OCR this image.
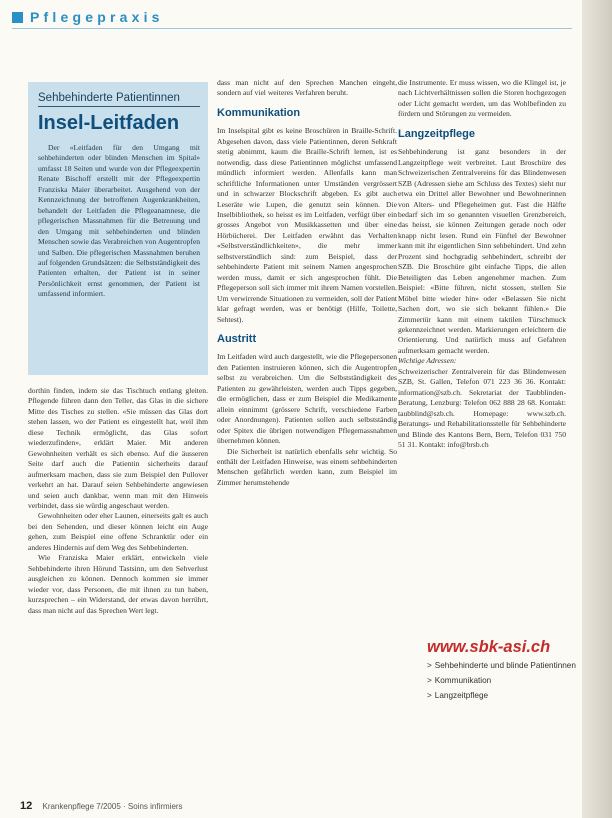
Pflegepraxis
Sehbehinderte Patientinnen
Insel-Leitfaden

Der «Leitfaden für den Umgang mit sehbehinderten oder blinden Menschen im Spital» umfasst 18 Seiten und wurde von der Pflegeexpertin Renate Bischoff erstellt mit der Pflegeexpertin Franziska Maier überarbeitet. Ausgehend von der Kennzeichnung der betroffenen Augenkrankheiten, behandelt der Leitfaden die Pflegeanamnese, die pflegerischen Massnahmen für die Betreuung und den Umgang mit sehbehinderten und blinden Menschen sowie das Verabreichen von Augentropfen und Salben. Die pflegerischen Massnahmen beruhen auf folgenden Grundsätzen: die Selbstständigkeit des Patienten erhalten, der Patient ist in seiner Persönlichkeit ernst genommen, der Patient ist umfassend informiert.

dorthin finden, indem sie das Tischtuch entlang gleiten. Pflegende führen dann den Teller, das Glas in die sichere Mitte des Tisches zu stellen. «Sie müssen das Glas dort stehen lassen, wo der Patient es eingestellt hat, weil ihm diese Technik ermöglicht, das Glas sofort wiederzufinden», erklärt Maier. Mit anderen Gewohnheiten verhält es sich ebenso. Auf die äusseren Seite darf auch die Patientin sicherheits darauf aufmerksam machen, dass sie zum Beispiel den Pullover verkehrt an hat. Darauf seien Sehbehinderte angewiesen und seien auch dankbar, wenn man mit den Hinweis verbindet, dass sie würdig angeschaut werden.

Gewohnheiten oder eher Launen, einerseits galt es auch bei den Sehenden, und dieser können leicht ein Auge gehen, zum Beispiel eine offene Schranktür oder ein anderes Hindernis auf dem Weg des Sehbehinderten.

Wie Franziska Maier erklärt, entwickeln viele Sehbehinderte ihren Hörund Tastsinn, um den Sehverlust ausgleichen zu können. Dennoch kommen sie immer wieder vor, dass Personen, die mit ihnen zu tun haben, kurzsprechen – ein Widerstand, der etwas davon herrührt, dass man nicht auf das Sprechen Wert legt.

dass man nicht auf den Sprechen Manchen eingeht, sondern auf viel weiteres Verfahren beruht.

Kommunikation

Im Inselspital gibt es keine Broschüren in Braille-Schrift. Abgesehen davon, dass viele Patientinnen, deren Sehkraft stetig abnimmt, kaum die Braille-Schrift lernen, ist es notwendig, dass diese Patientinnen möglichst umfassend mündlich informiert werden. Allenfalls kann man schriftliche Informationen unter Umständen vergrössert und in schwarzer Blockschrift abgeben. Es gibt auch Leseräte wie Lupen, die genutzt sein können. Die Inselbibliothek, so heisst es im Leitfaden, verfügt über ein grosses Angebot von Musikkassetten und über eine Hörbücherei. Der Leitfaden erwähnt das Verhalten «Selbstverständlichkeiten», die mehr immer selbstverständlich sind: zum Beispiel, dass der sehbehinderte Patient mit seinem Namen angesprochen werden muss, damit er sich angesprochen fühlt. Die Pflegeperson soll sich immer mit ihrem Namen vorstellen. Um verwirrende Situationen zu vermeiden, soll der Patient klar gefragt werden, was er benötigt (Hilfe, Toilette, Sehtest).

Austritt

Im Leitfaden wird auch dargestellt, wie die Pflegepersonen den Patienten instruieren können, sich die Augentropfen selbst zu verabreichen. Um die Selbstständigkeit des Patienten zu gewährleisten, werden auch Tipps gegeben, die ermöglichen, dass er zum Beispiel die Medikamente allein einnimmt (grössere Schrift, verschiedene Farben oder Anordnungen). Patienten sollen auch selbstständig oder Spitex die übrigen notwendigen Pflegemassnahmen übernehmen können.

Die Sicherheit ist natürlich ebenfalls sehr wichtig. So enthält der Leitfaden Hinweise, was einem sehbehinderten Menschen gefährlich werden kann, zum Beispiel im Zimmer herumstehende

die Instrumente. Er muss wissen, wo die Klingel ist, je nach Lichtverhältnissen sollen die Storen hochgezogen oder Licht gemacht werden, um das Wohlbefinden zu fördern und Störungen zu vermeiden.

Langzeitpflege

Sehbehinderung ist ganz besonders in der Langzeitpflege weit verbreitet. Laut Broschüre des Schweizerischen Zentralvereins für das Blindenwesen SZB (Adressen siehe am Schluss des Textes) sieht nur etwa ein Drittel aller Bewohner und Bewohnerinnen von Alters- und Pflegeheimen gut. Fast die Hälfte bedarf sich im so genannten visuellen Grenzbereich, das heisst, sie können Zeitungen gerade noch oder knapp nicht lesen. Rund ein Fünftel der Bewohner kann mit ihr eigentlichen Sinn sehbehindert. Und zehn Prozent sind hochgradig sehbehindert, schreibt der SZB. Die Broschüre gibt einfache Tipps, die allen Beteiligten das Leben angenehmer machen. Zum Beispiel: «Bitte führen, nicht stossen, stellen Sie Möbel bitte wieder hin» oder «Belassen Sie nicht Sachen dort, wo sie sich bekannt fühlen.» Die Zimmertür kann mit einem taktilen Türschmuck gekennzeichnet werden. Markierungen erleichtern die Orientierung. Und natürlich muss auf Gefahren aufmerksam gemacht werden.

Wichtige Adressen:

Schweizerischer Zentralverein für das Blindenwesen SZB, St. Gallen, Telefon 071 223 36 36. Kontakt: information@szb.ch. Sekretariat der Taubblinden-Beratung, Lenzburg: Telefon 062 888 28 68. Kontakt: taubblind@szb.ch. Homepage: www.szb.ch. Beratungs- und Rehabilitationsstelle für Sehbehinderte und Blinde des Kantons Bern, Bern, Telefon 031 750 51 31. Kontakt: info@brsb.ch

www.sbk-asi.ch
> Sehbehinderte und blinde Patientinnen
> Kommunikation
> Langzeitpflege
12 Krankenpflege 7/2005 · Soins infirmiers
